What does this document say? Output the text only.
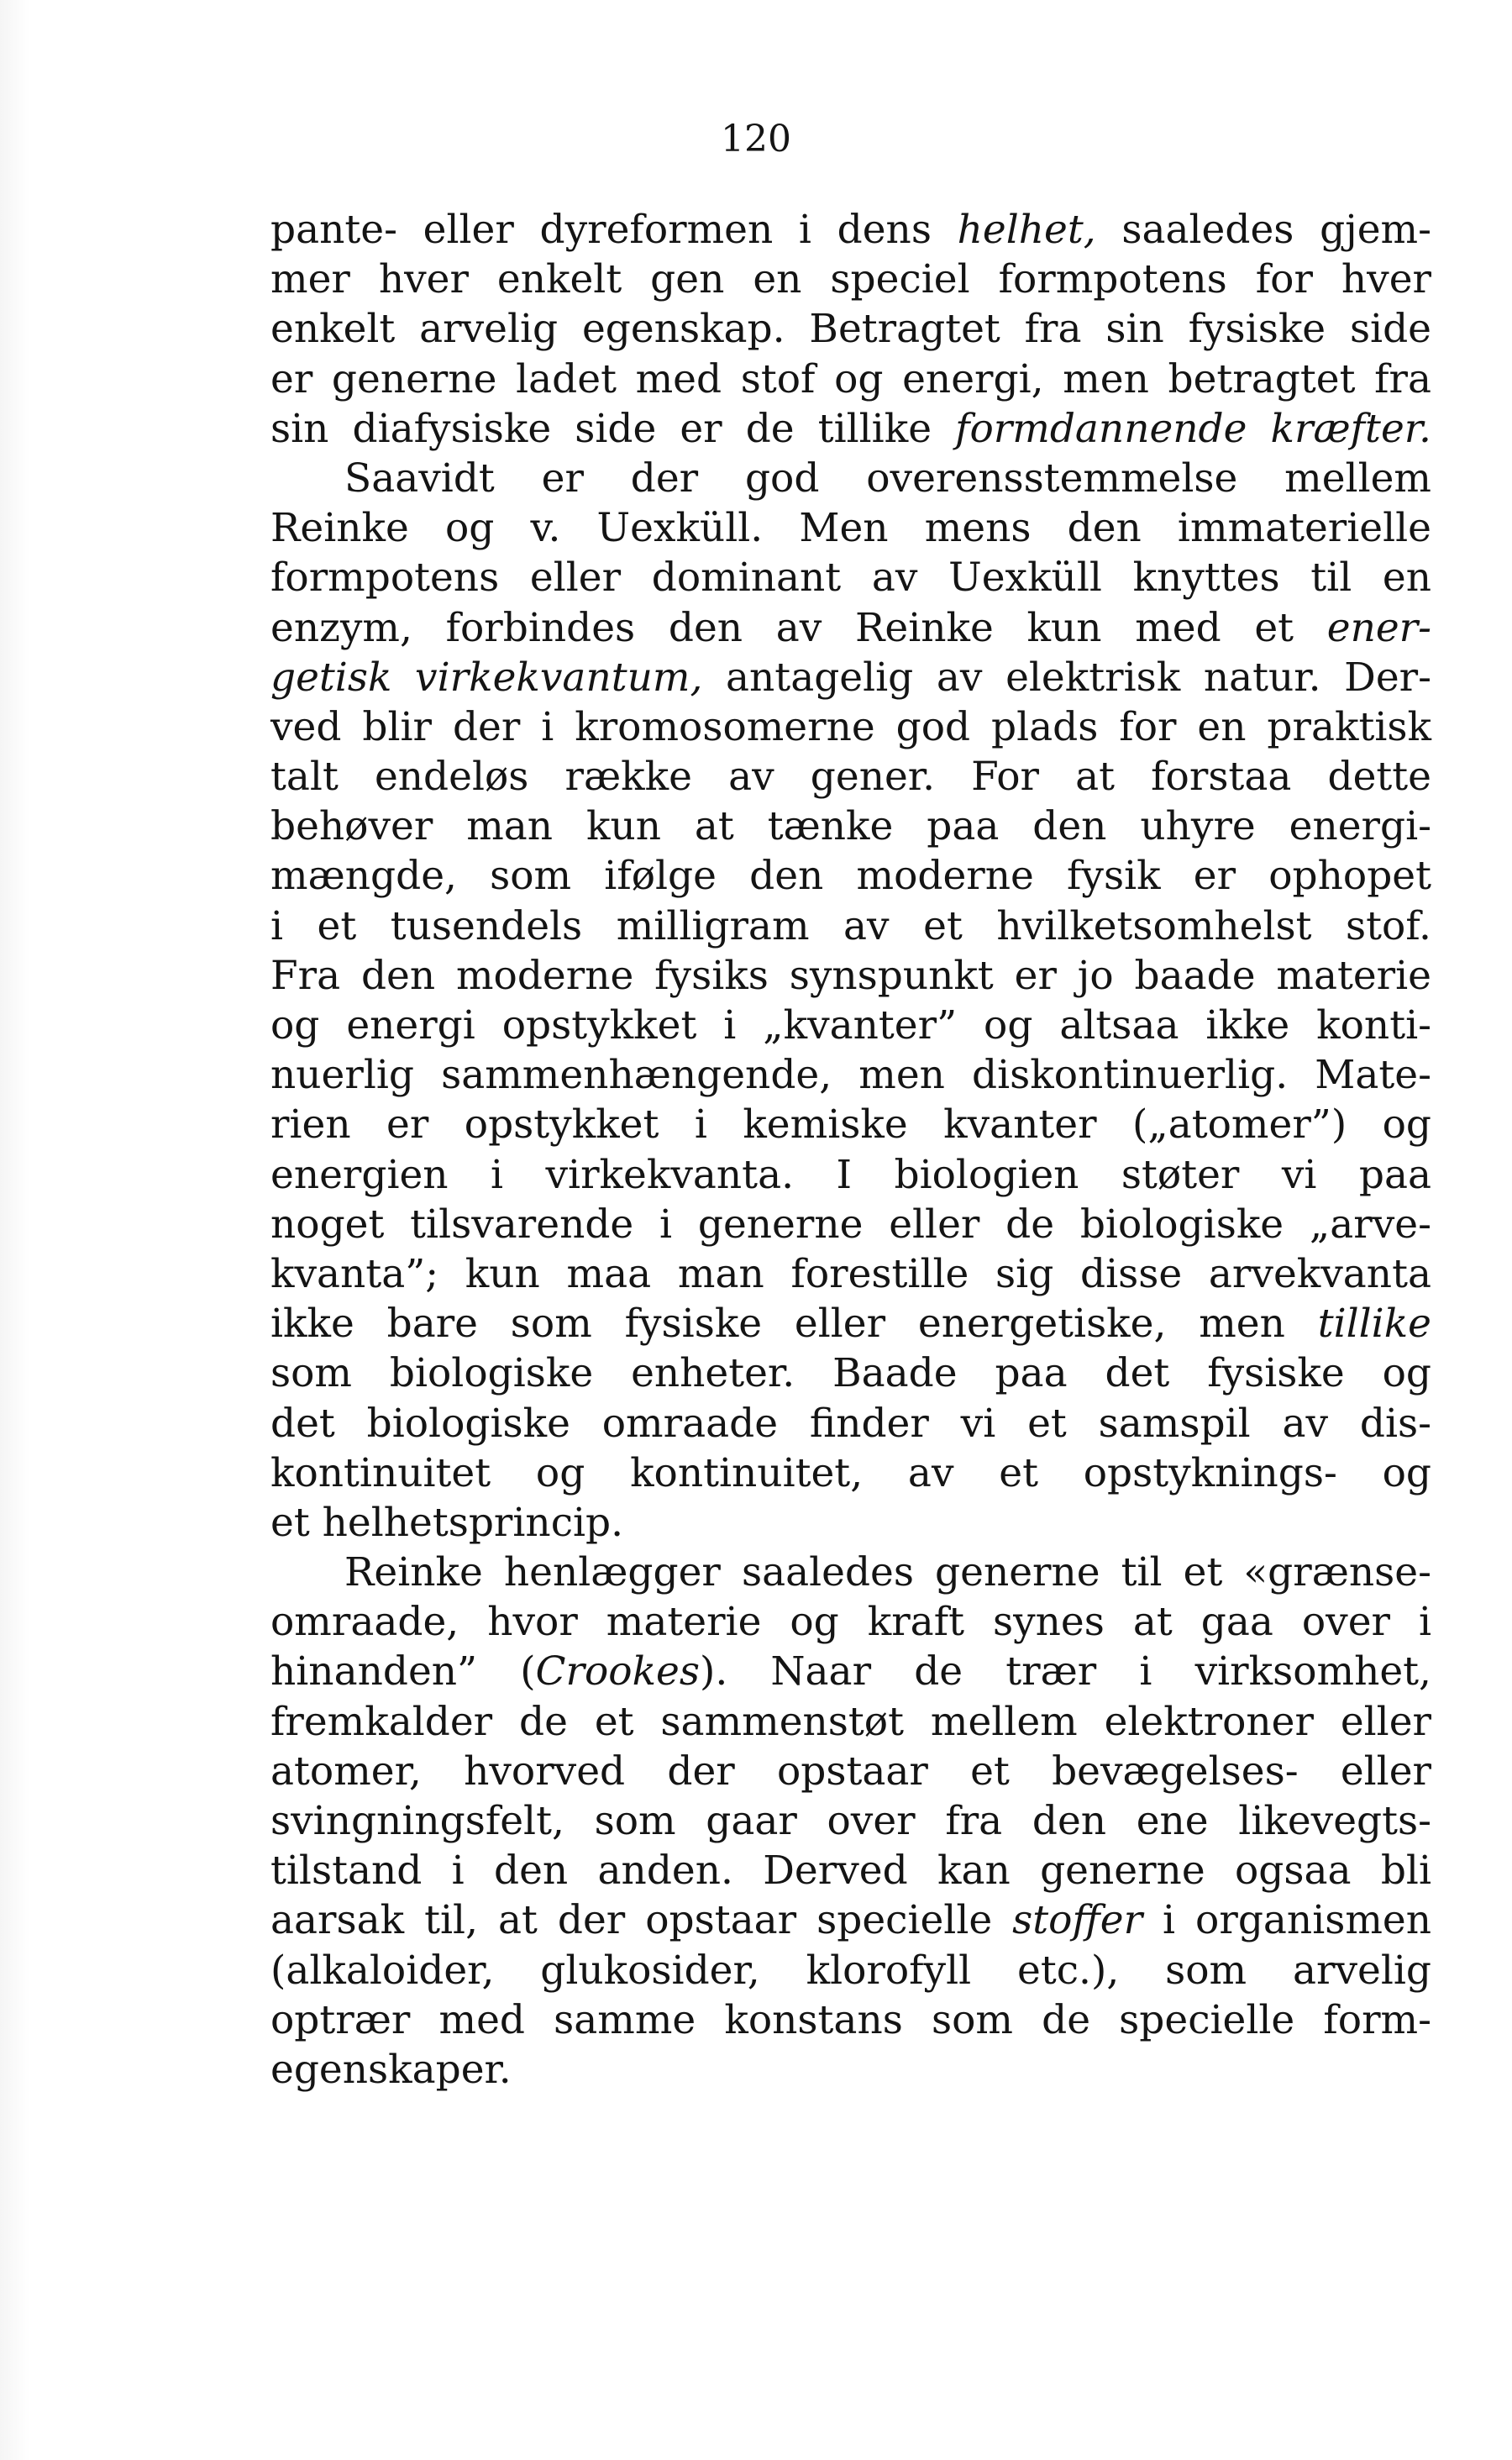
120

pante- eller dyreformen i dens helhet, saaledes gjem-

mer hver enkelt gen en speciel formpotens for hver

enkelt arvelig egenskap. Betragtet fra sin fysiske side

er generne ladet med stof og energi, men betragtet fra

sin diafysiske side er de tillike formdannende kræfter.

Saavidt er der god overensstemmelse mellem

Reinke og v. Uexküll. Men mens den immaterielle

formpotens eller dominant av Uexküll knyttes til en

enzym, forbindes den av Reinke kun med et ener-

getisk virkekvantum, antagelig av elektrisk natur. Der-

ved blir der i kromosomerne god plads for en praktisk

talt endeløs række av gener. For at forstaa dette

behøver man kun at tænke paa den uhyre energi-

mængde, som ifølge den moderne fysik er ophopet

i et tusendels milligram av et hvilketsomhelst stof.

Fra den moderne fysiks synspunkt er jo baade materie

og energi opstykket i „kvanter” og altsaa ikke konti-

nuerlig sammenhængende, men diskontinuerlig. Mate-

rien er opstykket i kemiske kvanter („atomer”) og

energien i virkekvanta. I biologien støter vi paa

noget tilsvarende i generne eller de biologiske „arve-

kvanta”; kun maa man forestille sig disse arvekvanta

ikke bare som fysiske eller energetiske, men tillike

som biologiske enheter. Baade paa det fysiske og

det biologiske omraade finder vi et samspil av dis-

kontinuitet og kontinuitet, av et opstyknings- og

et helhetsprincip.

Reinke henlægger saaledes generne til et «grænse-

omraade, hvor materie og kraft synes at gaa over i

hinanden” (Crookes). Naar de trær i virksomhet,

fremkalder de et sammenstøt mellem elektroner eller

atomer, hvorved der opstaar et bevægelses- eller

svingningsfelt, som gaar over fra den ene likevegts-

tilstand i den anden. Derved kan generne ogsaa bli

aarsak til, at der opstaar specielle stoffer i organismen

(alkaloider, glukosider, klorofyll etc.), som arvelig

optrær med samme konstans som de specielle form-

egenskaper.
